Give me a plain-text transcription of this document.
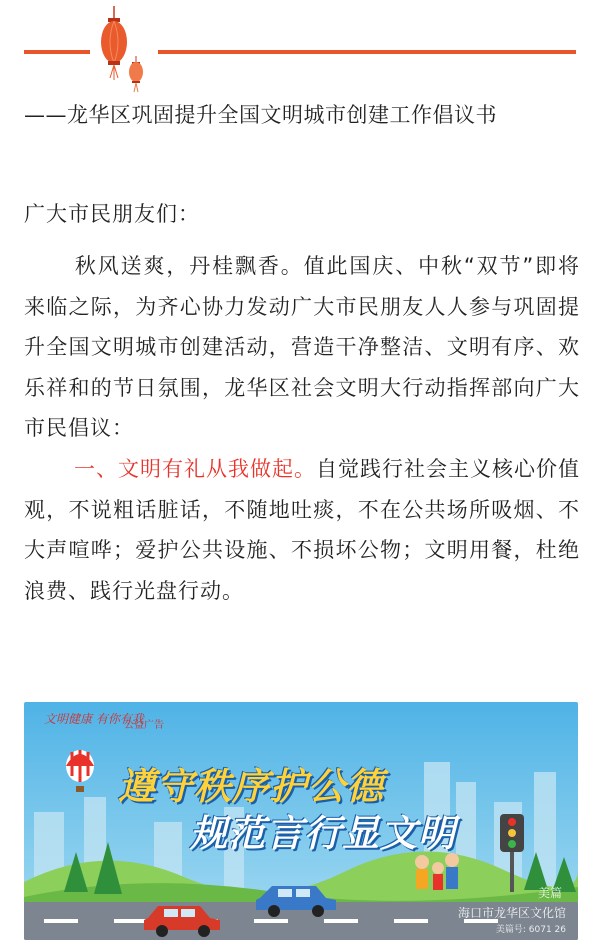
——龙华区巩固提升全国文明城市创建工作倡议书
广大市民朋友们：

秋风送爽，丹桂飘香。值此国庆、中秋“双节”即将来临之际，为齐心协力发动广大市民朋友人人参与巩固提升全国文明城市创建活动，营造干净整洁、文明有序、欢乐祥和的节日氛围，龙华区社会文明大行动指挥部向广大市民倡议：

一、文明有礼从我做起。自觉践行社会主义核心价值观，不说粗话脏话，不随地吐痰，不在公共场所吸烟、不大声喧哗；爱护公共设施、不损坏公物；文明用餐，杜绝浪费、践行光盘行动。

文明健康 有你有我
公益广告
遵守秩序护公德
规范言行显文明
美篇
海口市龙华区文化馆
美篇号: 6071 26
